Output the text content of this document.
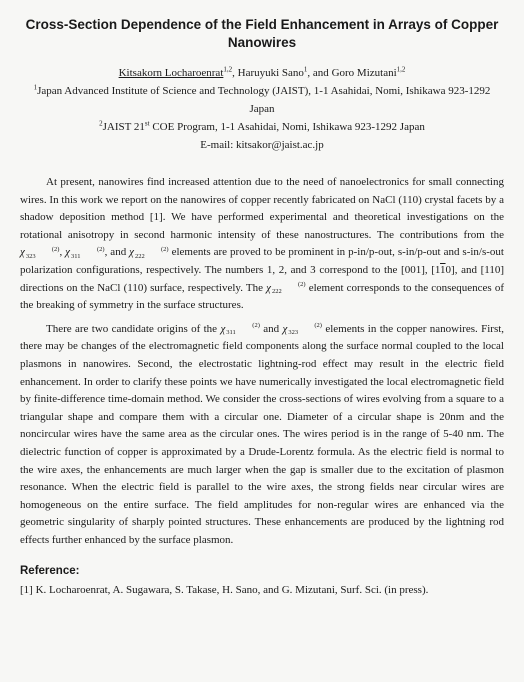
Cross-Section Dependence of the Field Enhancement in Arrays of Copper Nanowires
Kitsakorn Locharoenrat$^{1,2}$, Haruyuki Sano$^1$, and Goro Mizutani$^{1,2}$
$^1$Japan Advanced Institute of Science and Technology (JAIST), 1-1 Asahidai, Nomi, Ishikawa 923-1292 Japan
$^2$JAIST 21st COE Program, 1-1 Asahidai, Nomi, Ishikawa 923-1292 Japan
E-mail: kitsakor@jaist.ac.jp

At present, nanowires find increased attention due to the need of nanoelectronics for small connecting wires. In this work we report on the nanowires of copper recently fabricated on NaCl (110) crystal facets by a shadow deposition method [1]. We have performed experimental and theoretical investigations on the rotational anisotropy in second harmonic intensity of these nanostructures. The contributions from the χ	(2)
323 , χ	(2)
311 , and χ	(2)
222 elements are proved to be prominent in p-in/p-out, s-in/p-out and s-in/s-out polarization configurations, respectively. The numbers 1, 2, and 3 correspond to the [001], [110], and [110] directions on the NaCl (110) surface, respectively. The χ	(2)
222 element corresponds to the consequences of the breaking of symmetry in the surface structures.

There are two candidate origins of the χ	(2)
311 and χ	(2)
323 elements in the copper nanowires. First, there may be changes of the electromagnetic field components along the surface normal coupled to the local plasmons in nanowires. Second, the electrostatic lightning-rod effect may result in the electric field enhancement. In order to clarify these points we have numerically investigated the local electromagnetic field by finite-difference time-domain method. We consider the cross-sections of wires evolving from a square to a triangular shape and compare them with a circular one. Diameter of a circular shape is 20nm and the noncircular wires have the same area as the circular ones. The wires period is in the range of 5-40 nm. The dielectric function of copper is approximated by a Drude-Lorentz formula. As the electric field is normal to the wire axes, the enhancements are much larger when the gap is smaller due to the excitation of plasmon resonance. When the electric field is parallel to the wire axes, the strong fields near circular wires are homogeneous on the entire surface. The field amplitudes for non-regular wires are enhanced via the geometric singularity of sharply pointed structures. These enhancements are produced by the lightning rod effects further enhanced by the surface plasmon.

Reference:
[1] K. Locharoenrat, A. Sugawara, S. Takase, H. Sano, and G. Mizutani, Surf. Sci. (in press).
